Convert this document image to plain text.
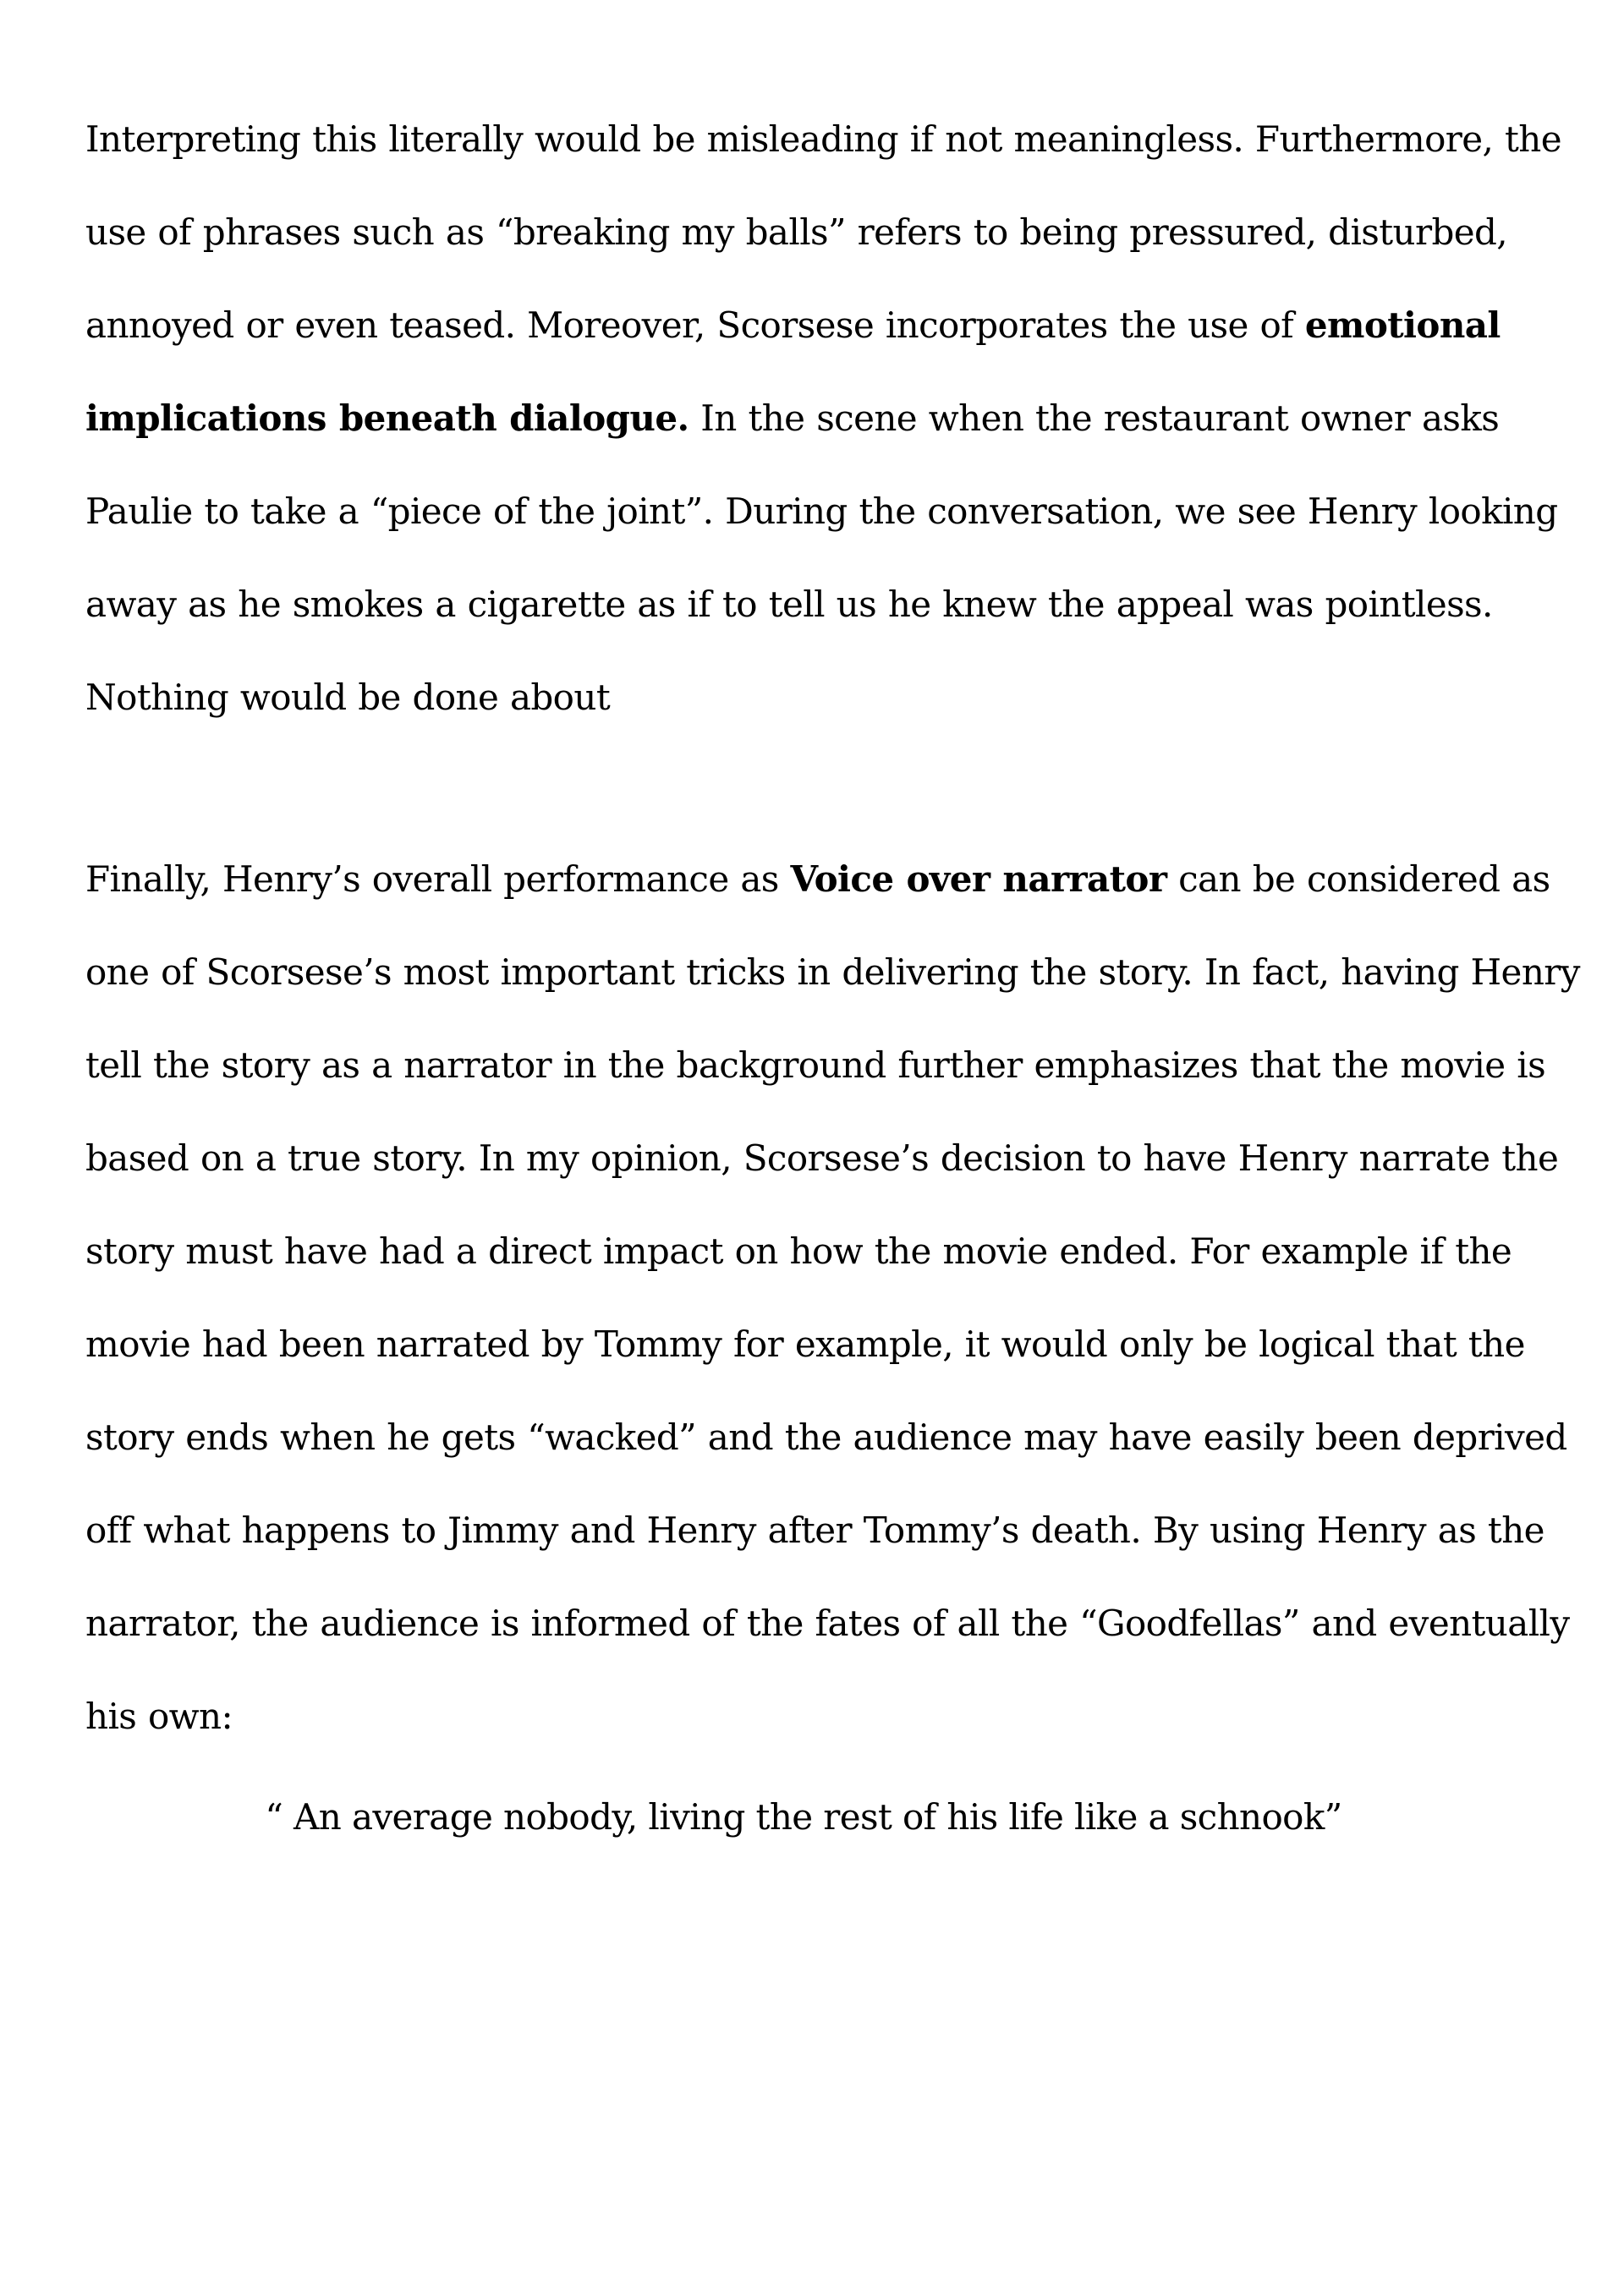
Interpreting this literally would be misleading if not meaningless. Furthermore, the
use of phrases such as “breaking my balls” refers to being pressured, disturbed,
annoyed or even teased. Moreover, Scorsese incorporates the use of emotional
implications beneath dialogue. In the scene when the restaurant owner asks
Paulie to take a “piece of the joint”. During the conversation, we see Henry looking
away as he smokes a cigarette as if to tell us he knew the appeal was pointless.
Nothing would be done about
Finally, Henry’s overall performance as Voice over narrator can be considered as
one of Scorsese’s most important tricks in delivering the story. In fact, having Henry
tell the story as a narrator in the background further emphasizes that the movie is
based on a true story. In my opinion, Scorsese’s decision to have Henry narrate the
story must have had a direct impact on how the movie ended. For example if the
movie had been narrated by Tommy for example, it would only be logical that the
story ends when he gets “wacked” and the audience may have easily been deprived
off what happens to Jimmy and Henry after Tommy’s death. By using Henry as the
narrator, the audience is informed of the fates of all the “Goodfellas” and eventually
his own:
“ An average nobody, living the rest of his life like a schnook”
